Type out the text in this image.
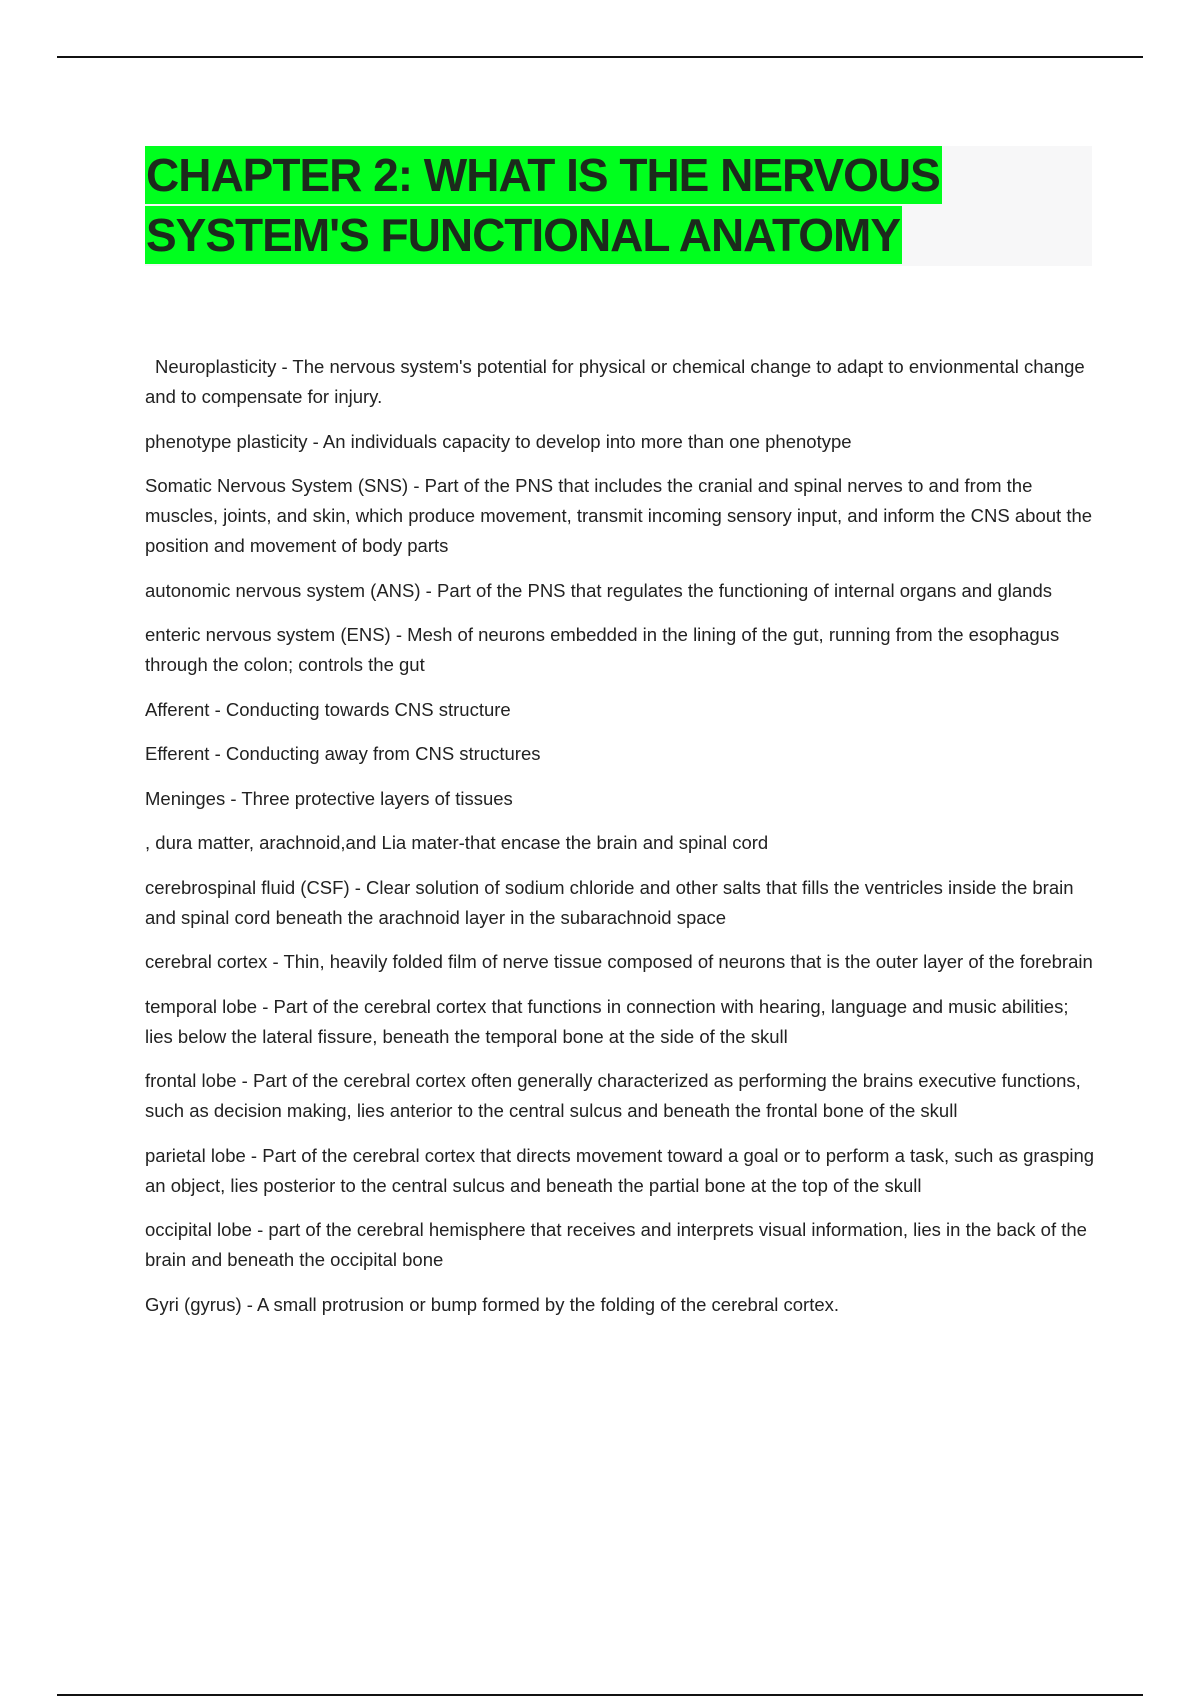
CHAPTER 2: WHAT IS THE NERVOUS
SYSTEM'S FUNCTIONAL ANATOMY

Neuroplasticity - The nervous system's potential for physical or chemical change to adapt to envionmental change and to compensate for injury.

phenotype plasticity - An individuals capacity to develop into more than one phenotype

Somatic Nervous System (SNS) - Part of the PNS that includes the cranial and spinal nerves to and from the muscles, joints, and skin, which produce movement, transmit incoming sensory input, and inform the CNS about the position and movement of body parts

autonomic nervous system (ANS) - Part of the PNS that regulates the functioning of internal organs and glands

enteric nervous system (ENS) - Mesh of neurons embedded in the lining of the gut, running from the esophagus through the colon; controls the gut

Afferent - Conducting towards CNS structure

Efferent - Conducting away from CNS structures

Meninges - Three protective layers of tissues

, dura matter, arachnoid,and Lia mater-that encase the brain and spinal cord

cerebrospinal fluid (CSF) - Clear solution of sodium chloride and other salts that fills the ventricles inside the brain and spinal cord beneath the arachnoid layer in the subarachnoid space

cerebral cortex - Thin, heavily folded film of nerve tissue composed of neurons that is the outer layer of the forebrain

temporal lobe - Part of the cerebral cortex that functions in connection with hearing, language and music abilities; lies below the lateral fissure, beneath the temporal bone at the side of the skull

frontal lobe - Part of the cerebral cortex often generally characterized as performing the brains executive functions, such as decision making, lies anterior to the central sulcus and beneath the frontal bone of the skull

parietal lobe - Part of the cerebral cortex that directs movement toward a goal or to perform a task, such as grasping an object, lies posterior to the central sulcus and beneath the partial bone at the top of the skull

occipital lobe - part of the cerebral hemisphere that receives and interprets visual information, lies in the back of the brain and beneath the occipital bone

Gyri (gyrus) - A small protrusion or bump formed by the folding of the cerebral cortex.
